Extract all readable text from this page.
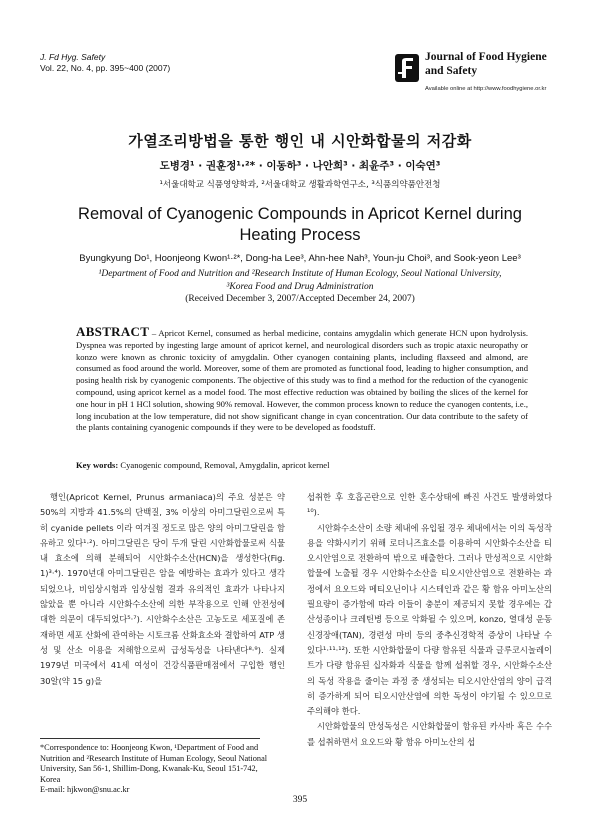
J. Fd Hyg. Safety
Vol. 22, No. 4, pp. 395~400 (2007)
Journal of Food Hygiene
and Safety
Available online at http://www.foodhygiene.or.kr
가열조리방법을 통한 행인 내 시안화합물의 저감화
도병경¹ · 권훈정¹·²* · 이동하³ · 나안희³ · 최윤주³ · 이숙연³
¹서울대학교 식품영양학과, ²서울대학교 생활과학연구소, ³식품의약품안전청
Removal of Cyanogenic Compounds in Apricot Kernel during
Heating Process
Byungkyung Do¹, Hoonjeong Kwon¹·²*, Dong-ha Lee³, Ahn-hee Nah³, Youn-ju Choi³, and Sook-yeon Lee³
¹Department of Food and Nutrition and ²Research Institute of Human Ecology, Seoul National University,
³Korea Food and Drug Administration
(Received December 3, 2007/Accepted December 24, 2007)
ABSTRACT – Apricot Kernel, consumed as herbal medicine, contains amygdalin which generate HCN upon hydrolysis. Dyspnea was reported by ingesting large amount of apricot kernel, and neurological disorders such as tropic ataxic neuropathy or konzo were known as chronic toxicity of amygdalin. Other cyanogen containing plants, including flaxseed and almond, are consumed as food around the world. Moreover, some of them are promoted as functional food, leading to higher consumption, and posing health risk by cyanogenic components. The objective of this study was to find a method for the reduction of the cyanogenic compound, using apricot kernel as a model food. The most effective reduction was obtained by boiling the slices of the kernel for one hour in pH 1 HCl solution, showing 90% removal. However, the common process known to reduce the cyanogen contents, i.e., long incubation at the low temperature, did not show significant change in cyan concentration. Our data contribute to the safety of the plants containing cyanogenic compounds if they were to be developed as foodstuff.
Key words: Cyanogenic compound, Removal, Amygdalin, apricot kernel
행인(Apricot Kernel, Prunus armaniaca)의 주요 성분은 약 50%의 지방과 41.5%의 단백질, 3% 이상의 아미그달린으로써 특히 cyanide pellets 이라 여겨질 정도로 많은 양의 아미그달린을 함유하고 있다¹·²). 아미그달린은 당이 두개 달린 시안화합물로써 식물 내 효소에 의해 분해되어 시안화수소산(HCN)을 생성한다(Fig. 1)³·⁴). 1970년대 아미그달린은 암을 예방하는 효과가 있다고 생각되었으나, 비임상시험과 임상실험 결과 유의적인 효과가 나타나지 않았을 뿐 아니라 시안화수소산에 의한 부작용으로 인해 안전성에 대한 의문이 대두되었다⁵·⁷). 시안화수소산은 고농도로 세포질에 존재하면 세포 산화에 관여하는 시토크롬 산화효소와 결합하여 ATP 생성 및 산소 이용을 저해함으로써 급성독성을 나타낸다⁸·⁹). 실제 1979년 미국에서 41세 여성이 건강식품판매점에서 구입한 행인 30알(약 15 g)을

섭취한 후 호흡곤란으로 인한 혼수상태에 빠진 사건도 발생하였다¹⁰).

시안화수소산이 소량 체내에 유입될 경우 체내에서는 이의 독성작용을 약화시키기 위해 로더니즈효소를 이용하여 시안화수소산을 티오시안염으로 전환하여 밖으로 배출한다. 그러나 만성적으로 시안화합물에 노출될 경우 시안화수소산을 티오시안산염으로 전환하는 과정에서 요오드와 메티오닌이나 시스테인과 같은 황 함유 아미노산의 필요량이 증가함에 따라 이들이 충분이 제공되지 못할 경우에는 갑산성종이나 크레틴병 등으로 악화될 수 있으며, konzo, 열대성 운동신경장애(TAN), 경련성 마비 등의 중추신경학적 증상이 나타날 수 있다¹·¹¹·¹²). 또한 시안화합물이 다량 함유된 식물과 글루코시놀레이트가 다량 함유된 십자화과 식물을 함께 섭취할 경우, 시안화수소산의 독성 작용을 줄이는 과정 중 생성되는 티오시안산염의 양이 급격히 증가하게 되어 티오시안산염에 의한 독성이 야기될 수 있으므로 주의해야 한다.

시안화합물의 만성독성은 시안화합물이 함유된 카사바 혹은 수수를 섭취하면서 요오드와 황 함유 아미노산의 섭

*Correspondence to: Hoonjeong Kwon, ¹Department of Food and Nutrition and ²Research Institute of Human Ecology, Seoul National University, San 56-1, Shillim-Dong, Kwanak-Ku, Seoul 151-742, Korea
E-mail: hjkwon@snu.ac.kr
395
